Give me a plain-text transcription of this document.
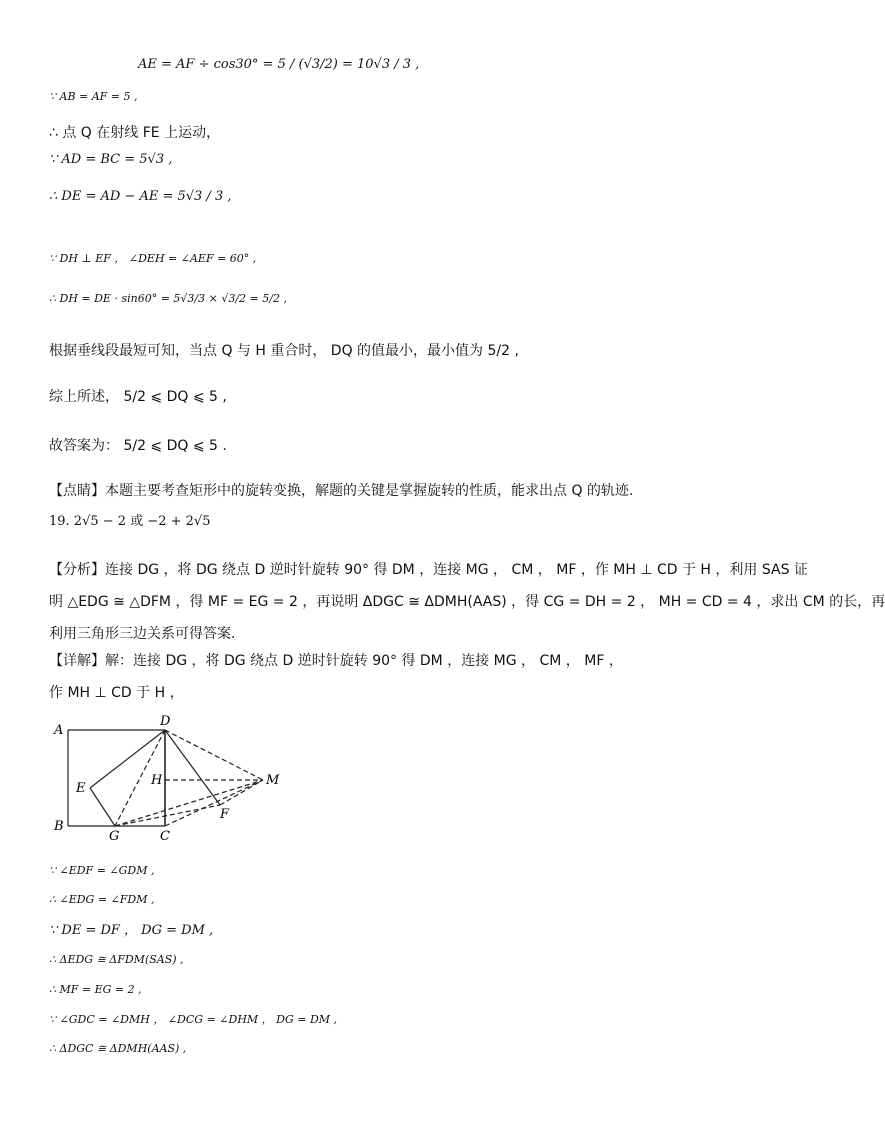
AE = AF ÷ cos30° = 5 / (√3/2) = 10√3 / 3 ,
∵ AB = AF = 5 ,
∴ 点 Q 在射线 FE 上运动，
∵ AD = BC = 5√3 ,
∴ DE = AD − AE = 5√3 / 3 ,
∵ DH ⊥ EF ， ∠DEH = ∠AEF = 60° ,
∴ DH = DE · sin60° = 5√3/3 × √3/2 = 5/2 ,
根据垂线段最短可知，当点 Q 与 H 重合时， DQ 的值最小，最小值为 5/2 ,
综上所述， 5/2 ⩽ DQ ⩽ 5 ,
故答案为： 5/2 ⩽ DQ ⩽ 5 .
【点睛】本题主要考查矩形中的旋转变换，解题的关键是掌握旋转的性质，能求出点 Q 的轨迹.
19. 2√5 − 2 或 −2 + 2√5
【分析】连接 DG ，将 DG 绕点 D 逆时针旋转 90° 得 DM ，连接 MG ， CM ， MF ，作 MH ⊥ CD 于 H ，利用 SAS 证
明 △EDG ≅ △DFM ，得 MF = EG = 2 ，再说明 ΔDGC ≅ ΔDMH(AAS) ，得 CG = DH = 2 ， MH = CD = 4 ，求出 CM 的长，再
利用三角形三边关系可得答案.
【详解】解：连接 DG ，将 DG 绕点 D 逆时针旋转 90° 得 DM ，连接 MG ， CM ， MF ，
作 MH ⊥ CD 于 H ，
A
D
E
H	M
F
B
G	C
∵ ∠EDF = ∠GDM ,
∴ ∠EDG = ∠FDM ,
∵ DE = DF ， DG = DM ,
∴ ΔEDG ≅ ΔFDM(SAS) ,
∴ MF = EG = 2 ,
∵ ∠GDC = ∠DMH ， ∠DCG = ∠DHM ， DG = DM ,
∴ ΔDGC ≅ ΔDMH(AAS) ,
